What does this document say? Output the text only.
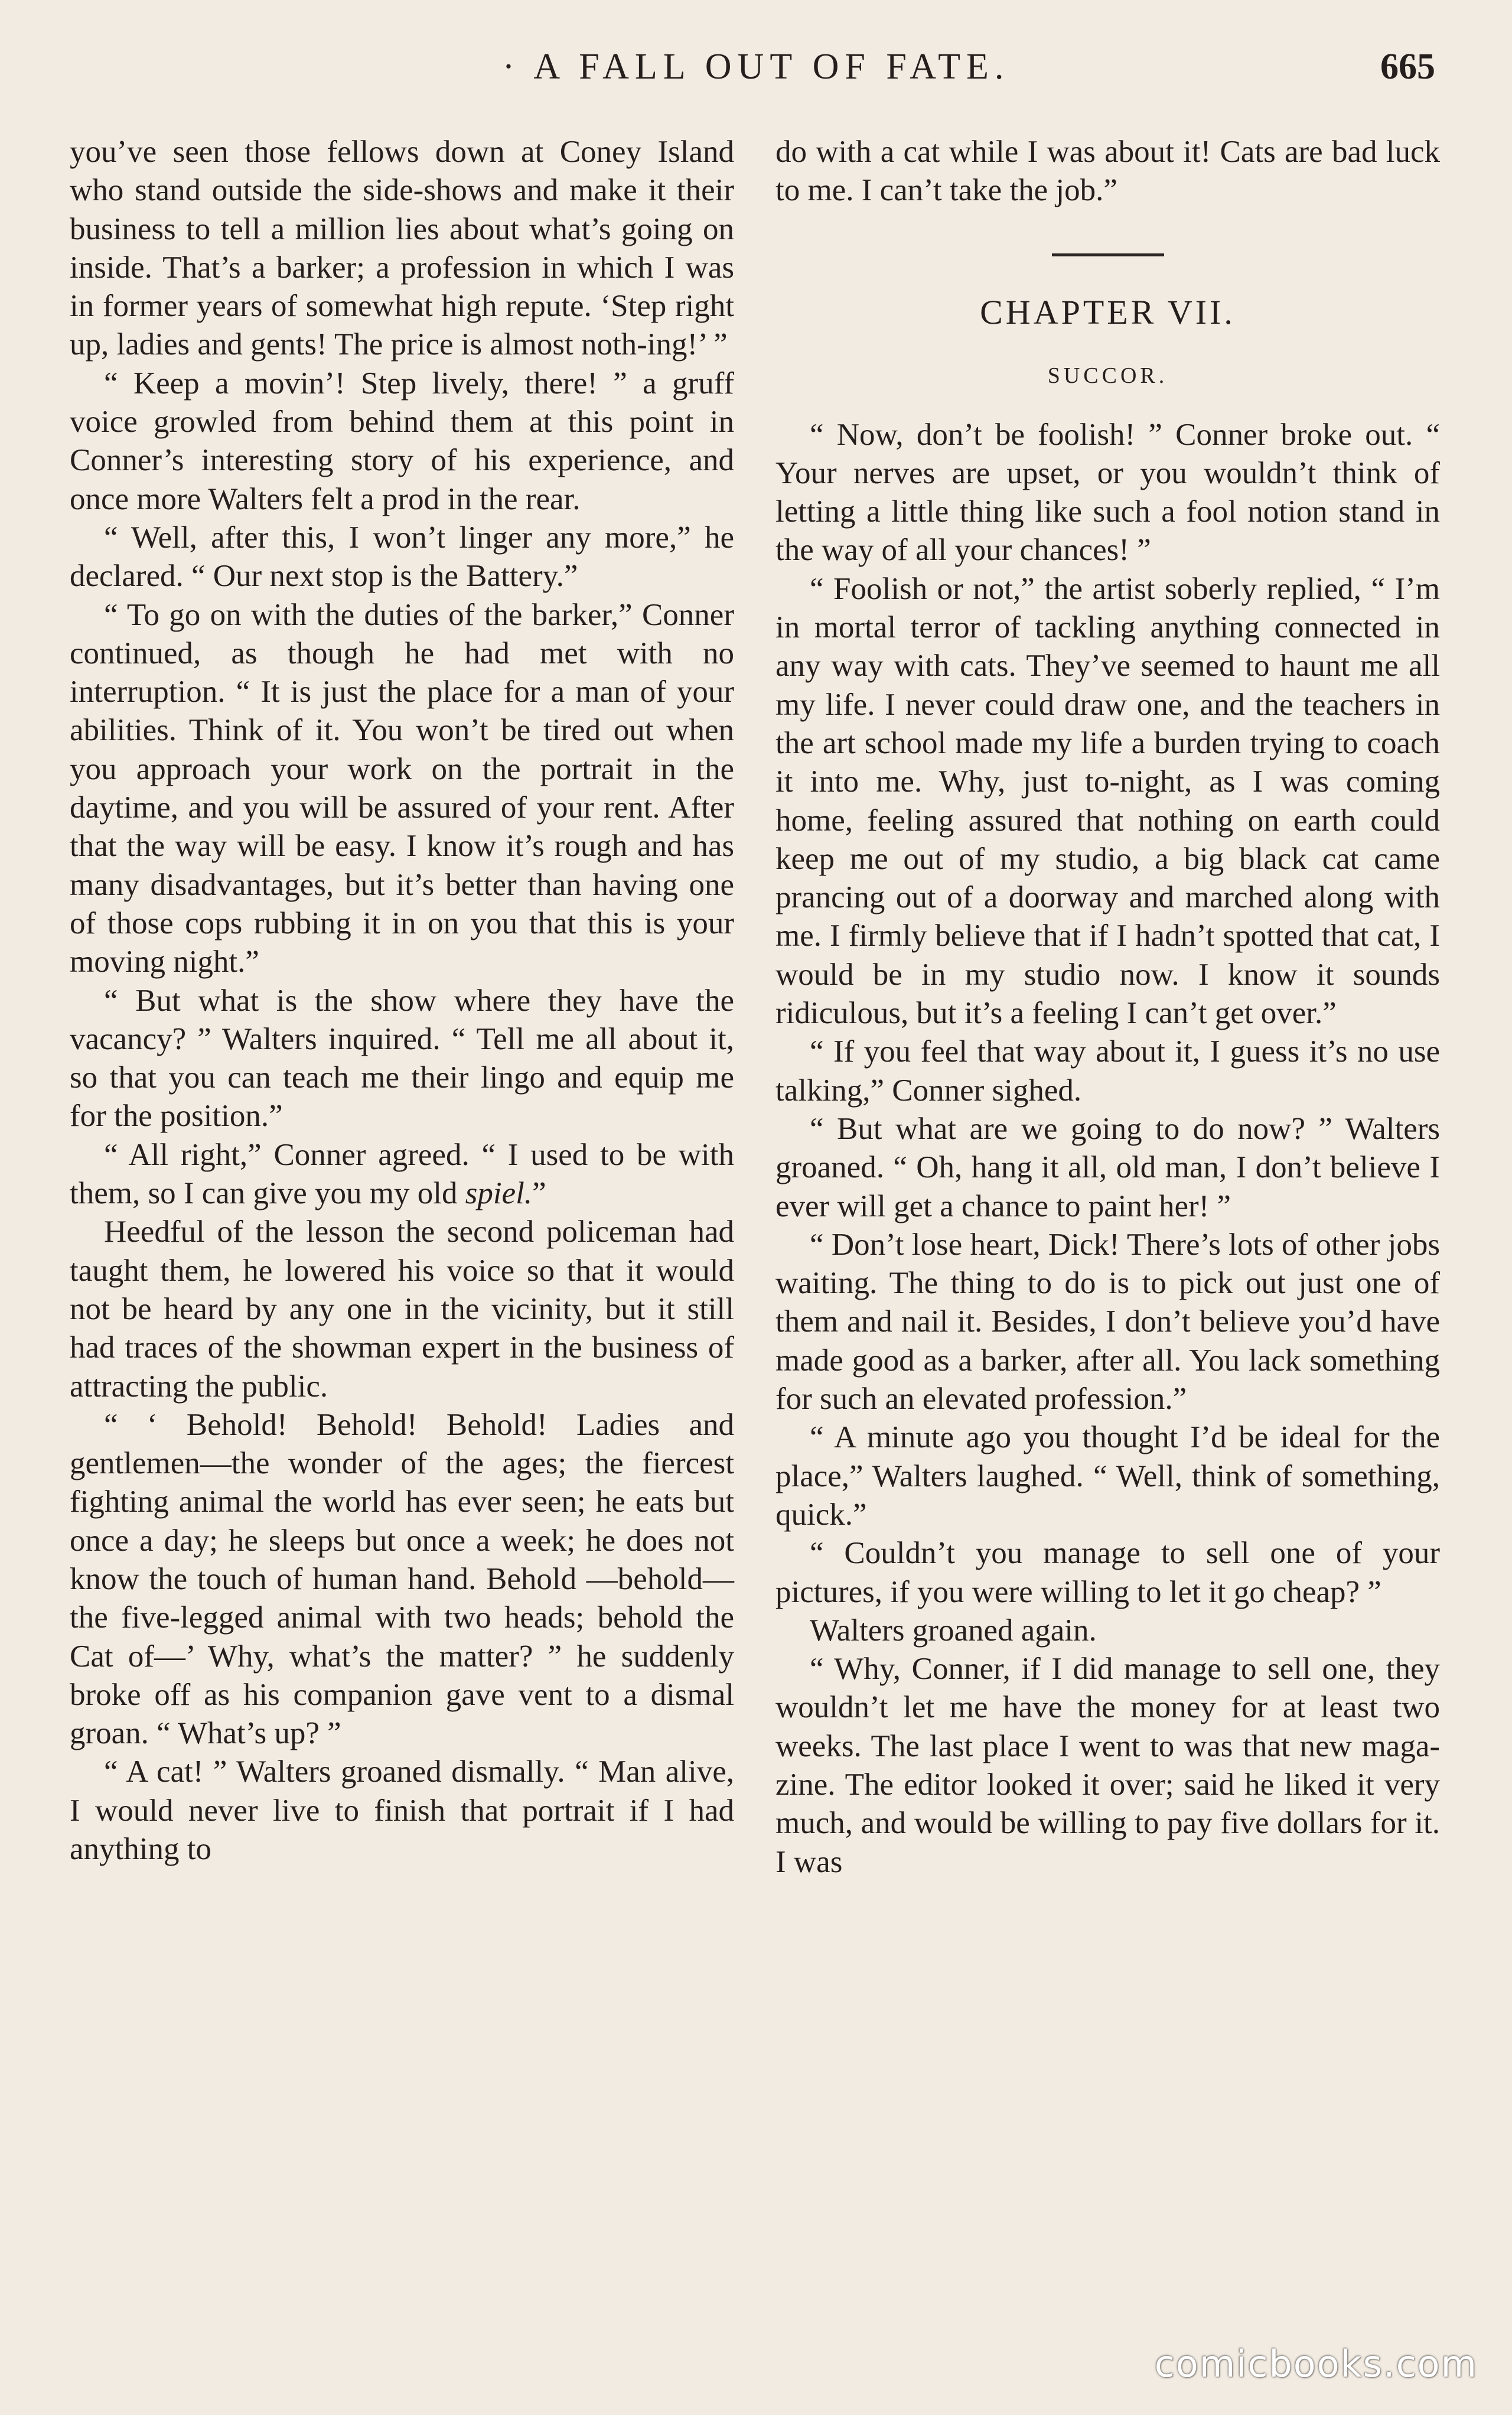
· A FALL OUT OF FATE.	665

you’ve seen those fellows down at Coney Island who stand outside the side-shows and make it their business to tell a million lies about what’s going on inside. That’s a barker; a profession in which I was in former years of somewhat high repute. ‘Step right up, ladies and gents! The price is almost noth-ing!’ ”

“ Keep a movin’! Step lively, there! ” a gruff voice growled from behind them at this point in Conner’s interesting story of his experience, and once more Walters felt a prod in the rear.

“ Well, after this, I won’t linger any more,” he declared. “ Our next stop is the Battery.”

“ To go on with the duties of the barker,” Conner continued, as though he had met with no interruption. “ It is just the place for a man of your abilities. Think of it. You won’t be tired out when you approach your work on the portrait in the daytime, and you will be assured of your rent. After that the way will be easy. I know it’s rough and has many disadvantages, but it’s better than having one of those cops rubbing it in on you that this is your moving night.”

“ But what is the show where they have the vacancy? ” Walters inquired. “ Tell me all about it, so that you can teach me their lingo and equip me for the position.”

“ All right,” Conner agreed. “ I used to be with them, so I can give you my old spiel.”

Heedful of the lesson the second policeman had taught them, he lowered his voice so that it would not be heard by any one in the vicinity, but it still had traces of the showman expert in the business of attracting the public.

“ ‘ Behold! Behold! Behold! Ladies and gentlemen—the wonder of the ages; the fiercest fighting animal the world has ever seen; he eats but once a day; he sleeps but once a week; he does not know the touch of human hand. Behold —behold—the five-legged animal with two heads; behold the Cat of—’ Why, what’s the matter? ” he suddenly broke off as his companion gave vent to a dismal groan. “ What’s up? ”

“ A cat! ” Walters groaned dismally. “ Man alive, I would never live to finish that portrait if I had anything to

do with a cat while I was about it! Cats are bad luck to me. I can’t take the job.”

CHAPTER VII.
SUCCOR.

“ Now, don’t be foolish! ” Conner broke out. “ Your nerves are upset, or you wouldn’t think of letting a little thing like such a fool notion stand in the way of all your chances! ”

“ Foolish or not,” the artist soberly replied, “ I’m in mortal terror of tackling anything connected in any way with cats. They’ve seemed to haunt me all my life. I never could draw one, and the teachers in the art school made my life a burden trying to coach it into me. Why, just to-night, as I was coming home, feeling assured that nothing on earth could keep me out of my studio, a big black cat came prancing out of a doorway and marched along with me. I firmly believe that if I hadn’t spotted that cat, I would be in my studio now. I know it sounds ridiculous, but it’s a feeling I can’t get over.”

“ If you feel that way about it, I guess it’s no use talking,” Conner sighed.

“ But what are we going to do now? ” Walters groaned. “ Oh, hang it all, old man, I don’t believe I ever will get a chance to paint her! ”

“ Don’t lose heart, Dick! There’s lots of other jobs waiting. The thing to do is to pick out just one of them and nail it. Besides, I don’t believe you’d have made good as a barker, after all. You lack something for such an elevated profession.”

“ A minute ago you thought I’d be ideal for the place,” Walters laughed. “ Well, think of something, quick.”

“ Couldn’t you manage to sell one of your pictures, if you were willing to let it go cheap? ”

Walters groaned again.

“ Why, Conner, if I did manage to sell one, they wouldn’t let me have the money for at least two weeks. The last place I went to was that new magazine. The editor looked it over; said he liked it very much, and would be willing to pay five dollars for it. I was

comicbooks.com
